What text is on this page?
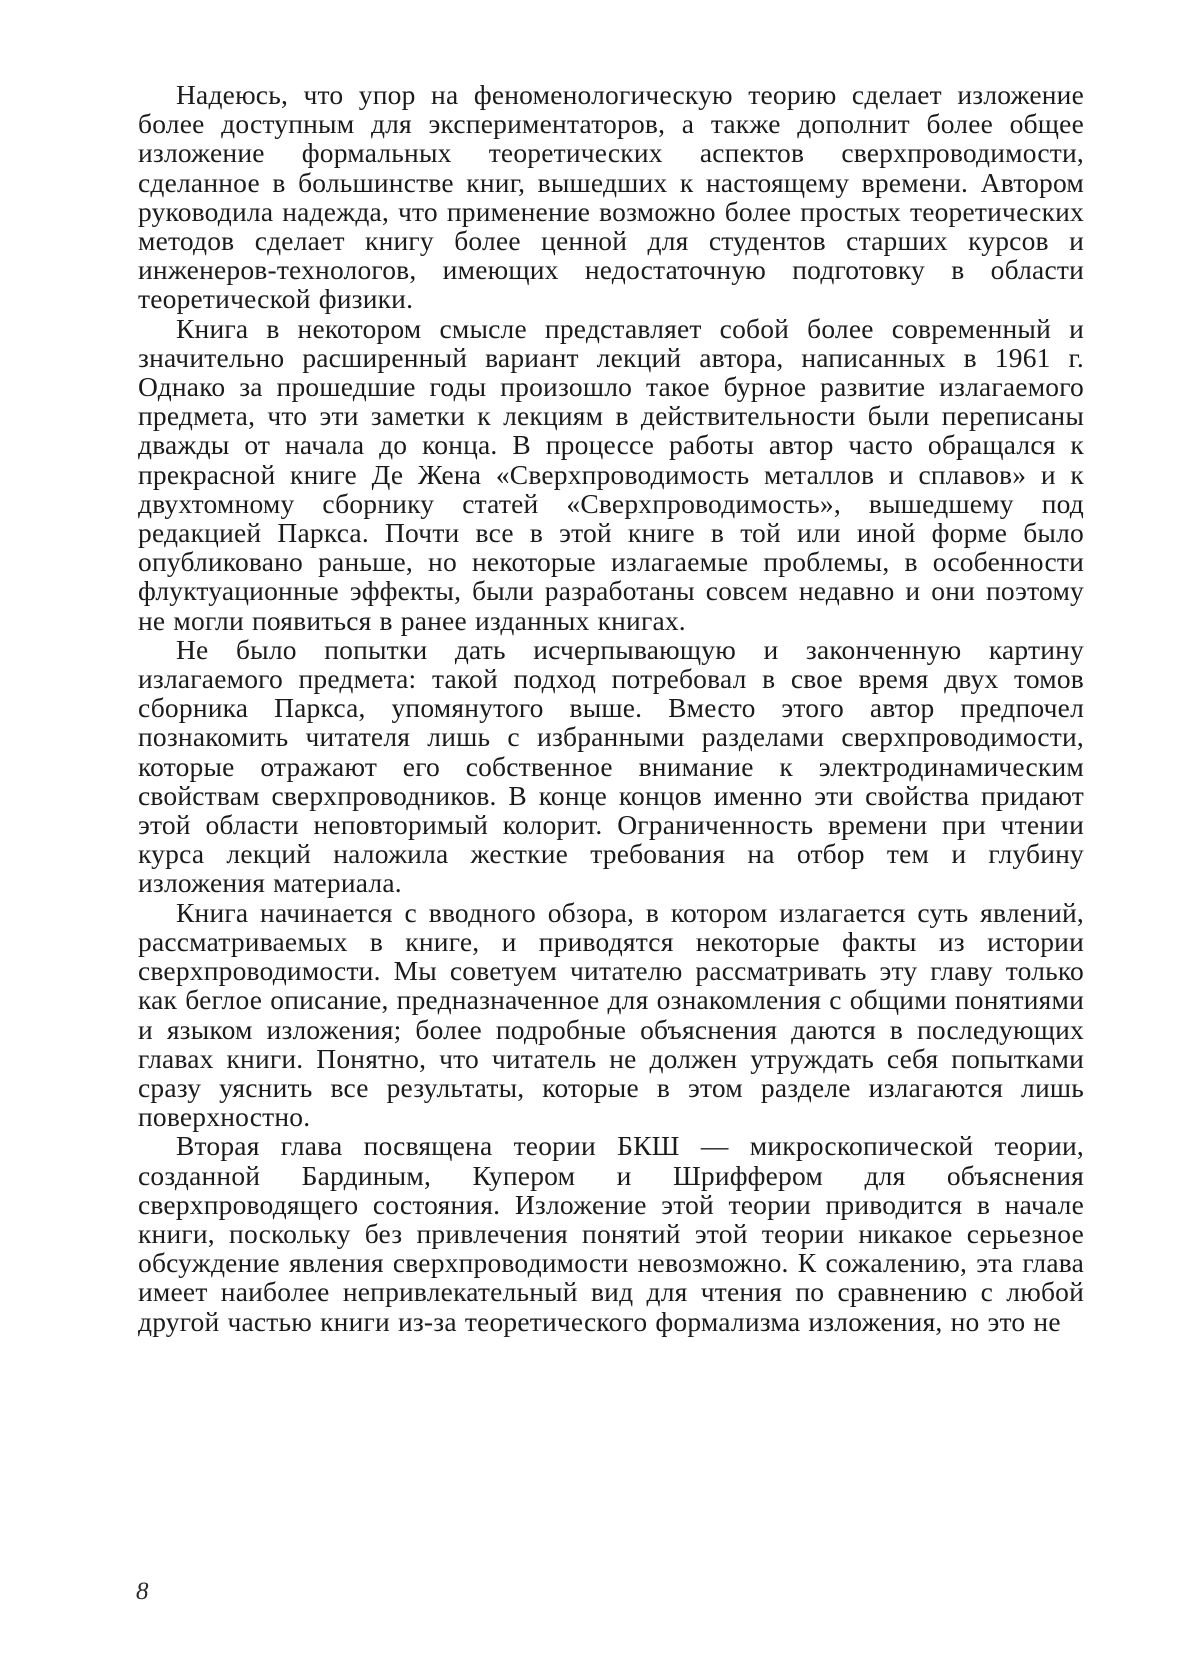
Надеюсь, что упор на феноменологическую теорию сделает изложение более доступным для экспериментаторов, а также дополнит более общее изложение формальных теоретических аспектов сверхпроводимости, сделанное в большинстве книг, вышедших к настоящему времени. Автором руководила надежда, что применение возможно более простых теоретических методов сделает книгу более ценной для студентов старших курсов и инженеров-технологов, имеющих недостаточную подготовку в области теоретической физики.

Книга в некотором смысле представляет собой более современный и значительно расширенный вариант лекций автора, написанных в 1961 г. Однако за прошедшие годы произошло такое бурное развитие излагаемого предмета, что эти заметки к лекциям в действительности были переписаны дважды от начала до конца. В процессе работы автор часто обращался к прекрасной книге Де Жена «Сверхпроводимость металлов и сплавов» и к двухтомному сборнику статей «Сверхпроводимость», вышедшему под редакцией Паркса. Почти все в этой книге в той или иной форме было опубликовано раньше, но некоторые излагаемые проблемы, в особенности флуктуационные эффекты, были разработаны совсем недавно и они поэтому не могли появиться в ранее изданных книгах.

Не было попытки дать исчерпывающую и законченную картину излагаемого предмета: такой подход потребовал в свое время двух томов сборника Паркса, упомянутого выше. Вместо этого автор предпочел познакомить читателя лишь с избранными разделами сверхпроводимости, которые отражают его собственное внимание к электродинамическим свойствам сверхпроводников. В конце концов именно эти свойства придают этой области неповторимый колорит. Ограниченность времени при чтении курса лекций наложила жесткие требования на отбор тем и глубину изложения материала.

Книга начинается с вводного обзора, в котором излагается суть явлений, рассматриваемых в книге, и приводятся некоторые факты из истории сверхпроводимости. Мы советуем читателю рассматривать эту главу только как беглое описание, предназначенное для ознакомления с общими понятиями и языком изложения; более подробные объяснения даются в последующих главах книги. Понятно, что читатель не должен утруждать себя попытками сразу уяснить все результаты, которые в этом разделе излагаются лишь поверхностно.

Вторая глава посвящена теории БКШ — микроскопической теории, созданной Бардиным, Купером и Шриффером для объяснения сверхпроводящего состояния. Изложение этой теории приводится в начале книги, поскольку без привлечения понятий этой теории никакое серьезное обсуждение явления сверхпроводимости невозможно. К сожалению, эта глава имеет наиболее непривлекательный вид для чтения по сравнению с любой другой частью книги из-за теоретического формализма изложения, но это не

8
